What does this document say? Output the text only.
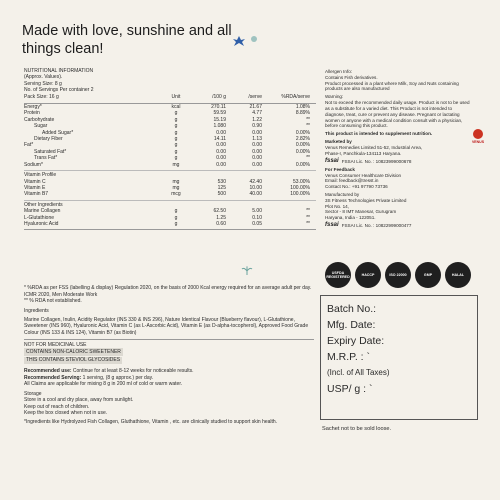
Made with love, sunshine and all things clean!
NUTRITIONAL INFORMATION
(Approx. Values).
Serving Size: 8 g
No. of Servings Per container 2
Pack Size: 16 g	Unit	/100 g	/serve	%RDA/serve
Energy*	kcal	270.11	21.67	1.08%
Protein	g	59.59	4.77	8.89%
Carbohydrate	g	15.19	1.22	**
Sugar	g	1.080	0.90	**
Added Sugar*	g	0.00	0.00	0.00%
Dietary Fiber	g	14.11	1.13	2.82%
Fat*	g	0.00	0.00	0.00%
Saturated Fat*	g	0.00	0.00	0.00%
Trans Fat*	g	0.00	0.00	**
Sodium*	mg	0.00	0.00	0.00%
Vitamin Profile
Vitamin C	mg	530	42.40	53.00%
Vitamin E	mg	125	10.00	100.00%
Vitamin B7	mcg	500	40.00	100.00%
Other Ingredients
Marine Collagen	g	62.50	5.00	**
L-Glutathione	g	1.25	0.10	**
Hyaluronic Acid	g	0.60	0.05	**
Allergen Info:
Contains Fish derivatives.
Product processed in a plant where Milk, Soy and Nuts containing
products are also manufactured
Warning:
Not to exceed the recommended daily usage. Product is not to be used
as a substitute for a varied diet. This Product is not intended to
diagnose, treat, cure or prevent any disease. Pregnant or lactating
women or anyone with a medical condition consult with a physician,
before consuming this product.
This product is intended to supplement nutrition.
Marketed by
Venus Remedies Limited 51-52, Industrial Area,
Phase-I, Panchkula-134113 Haryana.
VENUS
fssai FSSAI Lic. No. : 10823999000678
For Feedback
Venus Consumer Healthcare Division
Email: feedback@tresst.in
Contact No.: +91 97790 73736
Manufactured by
3S Fitness Technologies Private Limited
Plot No. 14,
Sector - 8 IMT Manesar, Gurugram
Haryana, India - 122051.
fssai FSSAI Lic. No. : 10822999000477

* %RDA as per FSS (labelling & display) Regulation 2020, on the basis of 2000 Kcal energy required for an average adult per day.
ICMR 2020, Men Moderate Work
** % RDA not established.

Ingredients

Marine Collagen, Inulin, Acidity Regulator (INS 330 & INS 296), Nature Identical Flavour (Blueberry flavour), L-Glutathione, Sweetener (INS 960), Hyaluronic Acid, Vitamin C (as L-Ascorbic Acid), Vitamin E (as D-alpha-tocopherol), Approved Food Grade Colour (INS 133 & INS 124), Vitamin B7 (as Biotin)

NOT FOR MEDICINAL USE
CONTAINS NON-CALORIC SWEETENER
THIS CONTAINS STEVIOL GLYCOSIDES

Recommended use: Continue for at least 8-12 weeks for noticeable results.
Recommended Serving: 1 serving, (8 g approx.) per day.
All Claims are applicable for mixing 8 g in 200 ml of cold or warm water.

Storage
Store in a cool and dry place, away from sunlight.
Keep out of reach of children.
Keep the box closed when not in use.

*Ingredients like Hydrolyzed Fish Collagen, Gluthathione, Vitamin , etc. are clinically studied to support skin health.

USFDA REGISTERED	HACCP	ISO 22000	GMP	HALAL
Batch No.:
Mfg. Date:
Expiry Date:
M.R.P. : `
(Incl. of All Taxes)
USP/ g : `
Sachet not to be sold loose.
